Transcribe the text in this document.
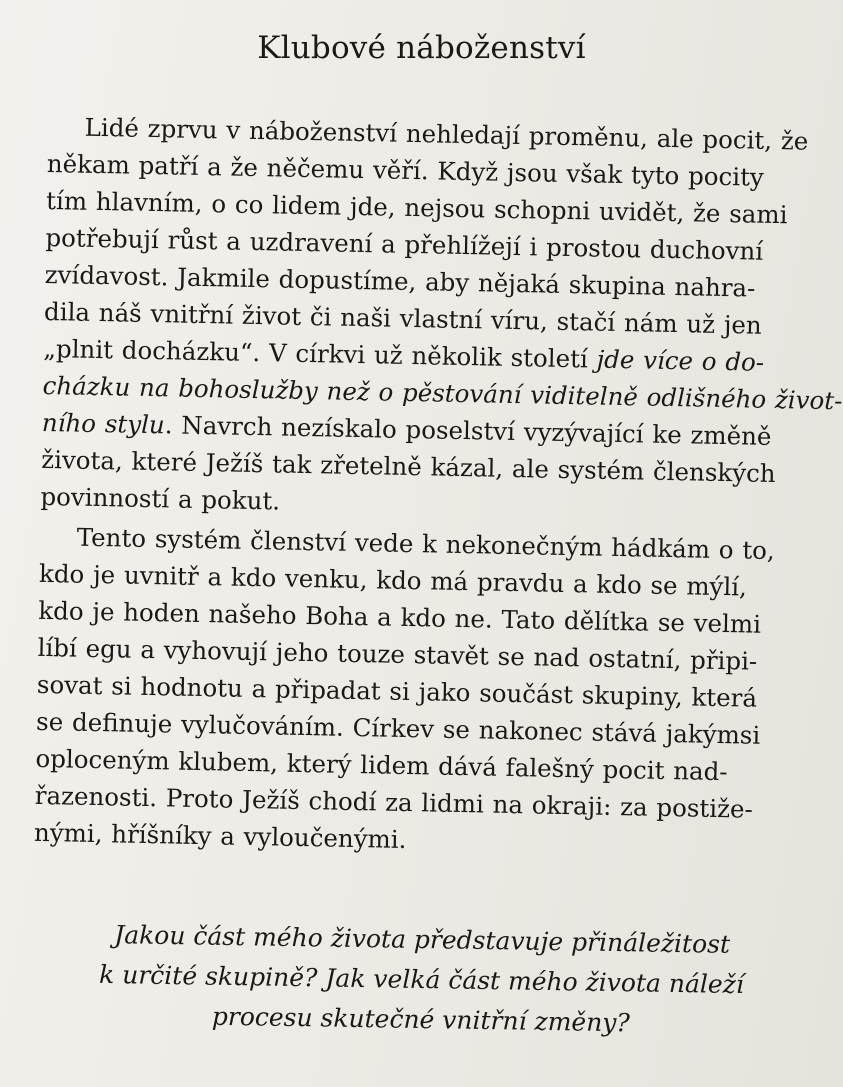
Klubové náboženství
Lidé zprvu v náboženství nehledají proměnu, ale pocit, že
někam patří a že něčemu věří. Když jsou však tyto pocity
tím hlavním, o co lidem jde, nejsou schopni uvidět, že sami
potřebují růst a uzdravení a přehlížejí i prostou duchovní
zvídavost. Jakmile dopustíme, aby nějaká skupina nahra-
dila náš vnitřní život či naši vlastní víru, stačí nám už jen
„plnit docházku“. V církvi už několik století jde více o do-
cházku na bohoslužby než o pěstování viditelně odlišného život-
ního stylu. Navrch nezískalo poselství vyzývající ke změně
života, které Ježíš tak zřetelně kázal, ale systém členských
povinností a pokut.
Tento systém členství vede k nekonečným hádkám o to,
kdo je uvnitř a kdo venku, kdo má pravdu a kdo se mýlí,
kdo je hoden našeho Boha a kdo ne. Tato dělítka se velmi
líbí egu a vyhovují jeho touze stavět se nad ostatní, připi-
sovat si hodnotu a připadat si jako součást skupiny, která
se definuje vylučováním. Církev se nakonec stává jakýmsi
oploceným klubem, který lidem dává falešný pocit nad-
řazenosti. Proto Ježíš chodí za lidmi na okraji: za postiže-
nými, hříšníky a vyloučenými.
Jakou část mého života představuje přináležitost
k určité skupině? Jak velká část mého života náleží
procesu skutečné vnitřní změny?
